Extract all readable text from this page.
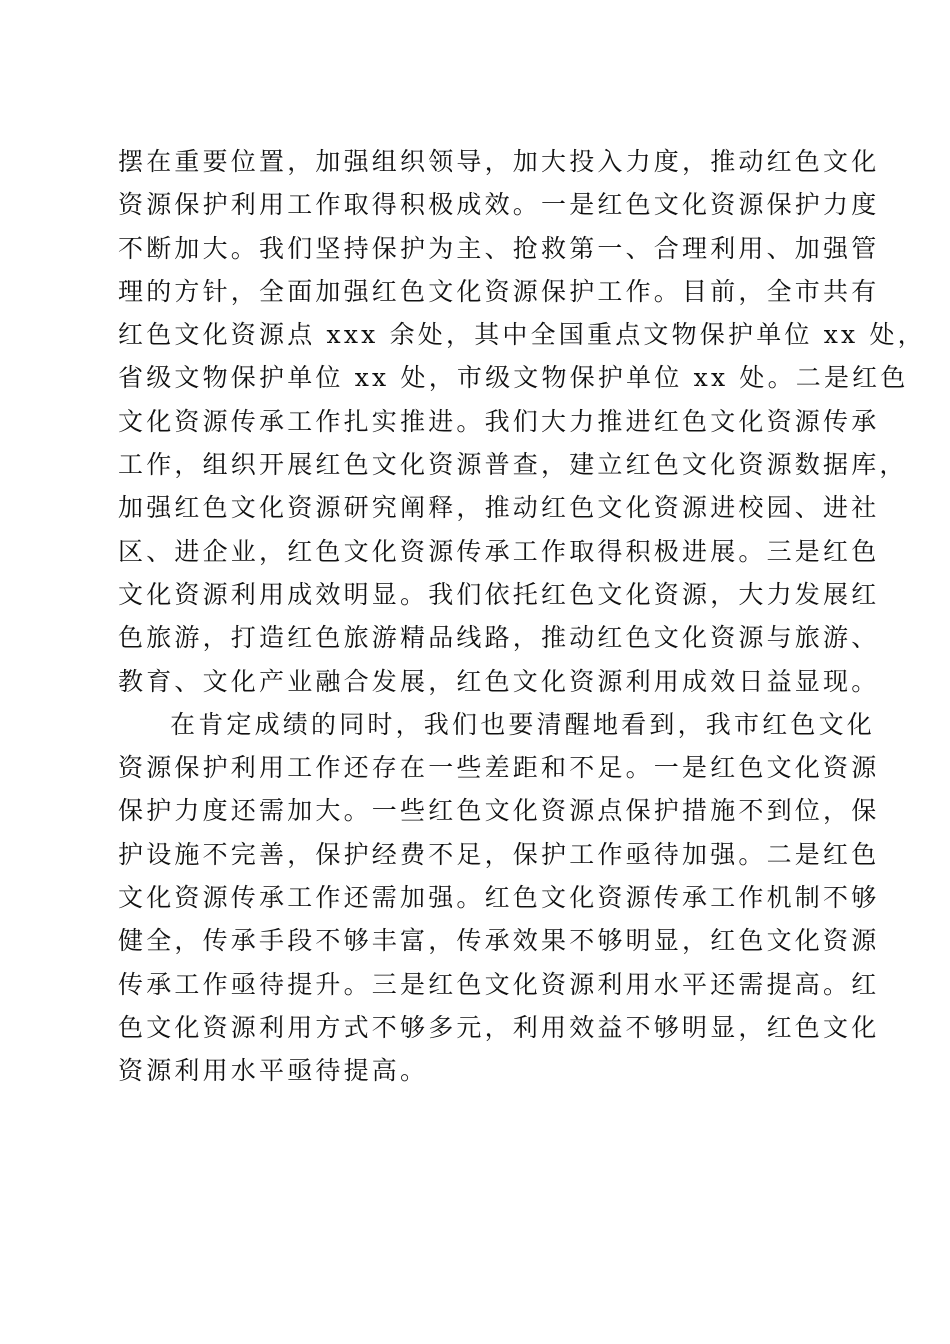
摆在重要位置，加强组织领导，加大投入力度，推动红色文化
资源保护利用工作取得积极成效。一是红色文化资源保护力度
不断加大。我们坚持保护为主、抢救第一、合理利用、加强管
理的方针，全面加强红色文化资源保护工作。目前，全市共有
红色文化资源点 xxx 余处，其中全国重点文物保护单位 xx 处，
省级文物保护单位 xx 处，市级文物保护单位 xx 处。二是红色
文化资源传承工作扎实推进。我们大力推进红色文化资源传承
工作，组织开展红色文化资源普查，建立红色文化资源数据库，
加强红色文化资源研究阐释，推动红色文化资源进校园、进社
区、进企业，红色文化资源传承工作取得积极进展。三是红色
文化资源利用成效明显。我们依托红色文化资源，大力发展红
色旅游，打造红色旅游精品线路，推动红色文化资源与旅游、
教育、文化产业融合发展，红色文化资源利用成效日益显现。
在肯定成绩的同时，我们也要清醒地看到，我市红色文化
资源保护利用工作还存在一些差距和不足。一是红色文化资源
保护力度还需加大。一些红色文化资源点保护措施不到位，保
护设施不完善，保护经费不足，保护工作亟待加强。二是红色
文化资源传承工作还需加强。红色文化资源传承工作机制不够
健全，传承手段不够丰富，传承效果不够明显，红色文化资源
传承工作亟待提升。三是红色文化资源利用水平还需提高。红
色文化资源利用方式不够多元，利用效益不够明显，红色文化
资源利用水平亟待提高。
